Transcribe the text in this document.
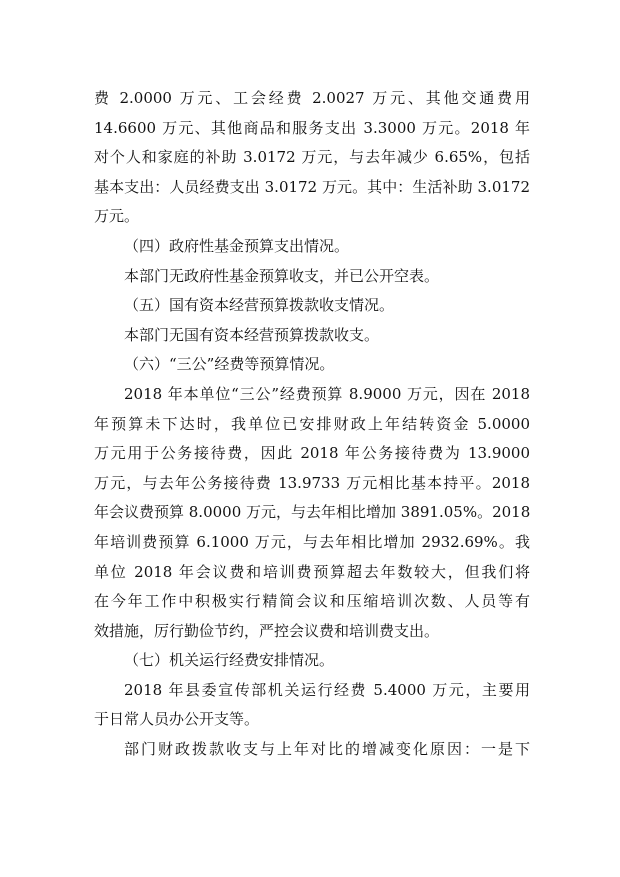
费 2.0000 万元、工会经费 2.0027 万元、其他交通费用
14.6600 万元、其他商品和服务支出 3.3000 万元。2018 年
对个人和家庭的补助 3.0172 万元，与去年减少 6.65%，包括
基本支出：人员经费支出 3.0172 万元。其中：生活补助 3.0172
万元。
（四）政府性基金预算支出情况。
本部门无政府性基金预算收支，并已公开空表。
（五）国有资本经营预算拨款收支情况。
本部门无国有资本经营预算拨款收支。
（六）“三公”经费等预算情况。
2018 年本单位“三公”经费预算 8.9000 万元，因在 2018
年预算未下达时，我单位已安排财政上年结转资金 5.0000
万元用于公务接待费，因此 2018 年公务接待费为 13.9000
万元，与去年公务接待费 13.9733 万元相比基本持平。2018
年会议费预算 8.0000 万元，与去年相比增加 3891.05%。2018
年培训费预算 6.1000 万元，与去年相比增加 2932.69%。我
单位 2018 年会议费和培训费预算超去年数较大，但我们将
在今年工作中积极实行精简会议和压缩培训次数、人员等有
效措施，厉行勤俭节约，严控会议费和培训费支出。
（七）机关运行经费安排情况。
2018 年县委宣传部机关运行经费 5.4000 万元，主要用
于日常人员办公开支等。
部门财政拨款收支与上年对比的增减变化原因：一是下
